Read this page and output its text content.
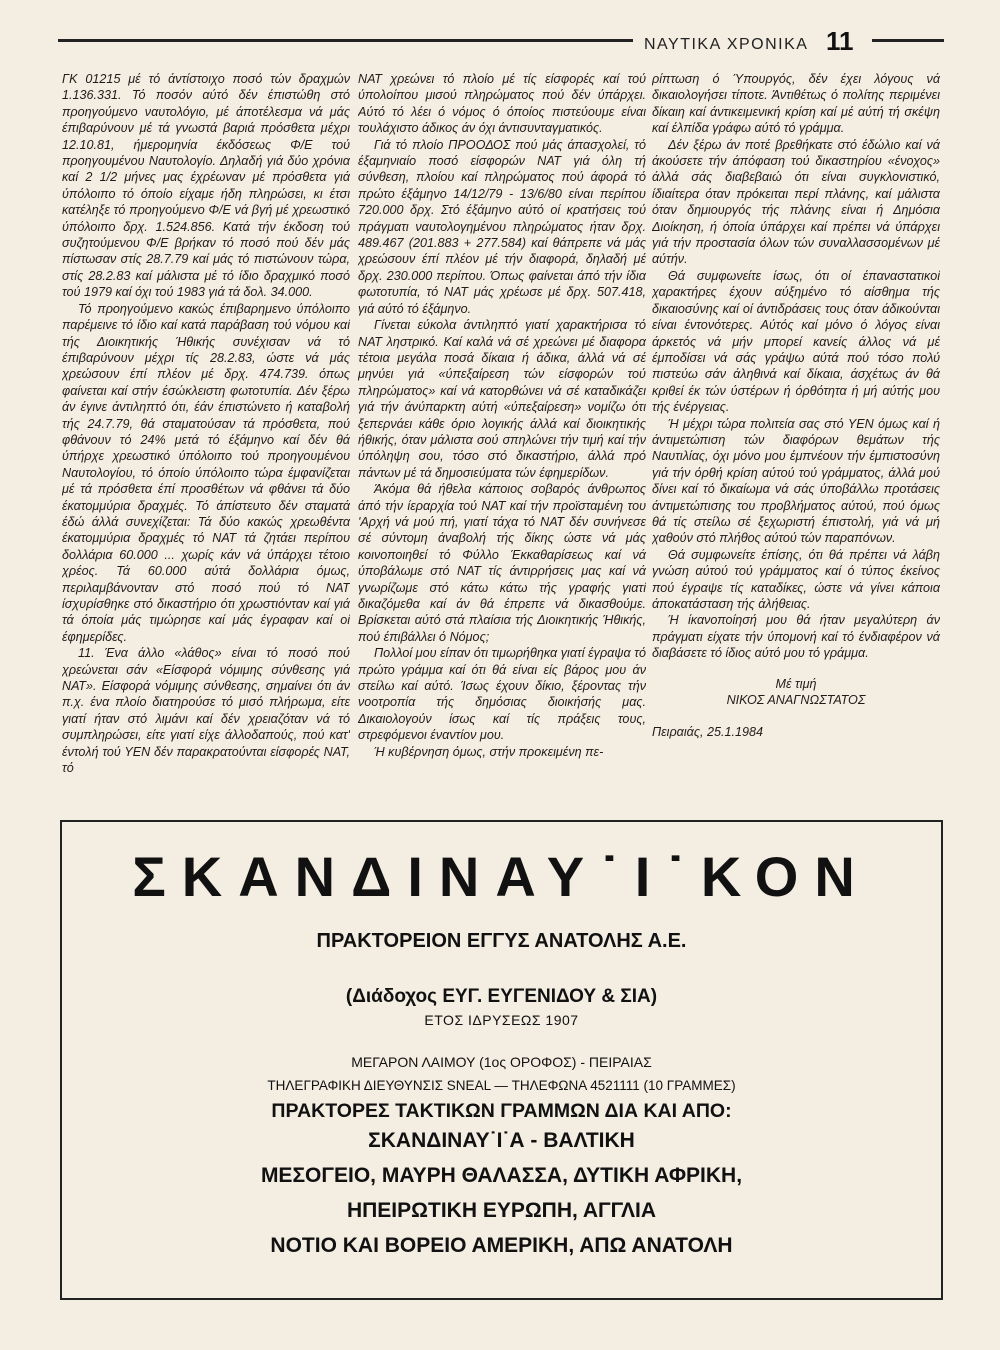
ΝΑΥΤΙΚΑ ΧΡΟΝΙΚΑ 11

ΓΚ 01215 μέ τό άντίστοιχο ποσό τών δραχμών 1.136.331. Τό ποσόν αύτό δέν έπιστώθη στό προηγούμενο ναυτολόγιο, μέ άποτέλεσμα νά μάς έπιβαρύνουν μέ τά γνωστά βαριά πρόσθετα μέχρι 12.10.81, ήμερομηνία έκδόσεως Φ/Ε τού προηγουμένου Ναυτολογίο. Δηλαδή γιά δύο χρόνια καί 2 1/2 μήνες μας έχρέωναν μέ πρόσθετα γιά ύπόλοιπο τό όποίο είχαμε ήδη πληρώσει, κι έτσι κατέληξε τό προηγούμενο Φ/Ε νά βγή μέ χρεωστικό ύπόλοιπο δρχ. 1.524.856. Κατά τήν έκδοση τού συζητούμενου Φ/Ε βρήκαν τό ποσό πού δέν μάς πίστωσαν στίς 28.7.79 καί μάς τό πιστώνουν τώρα, στίς 28.2.83 καί μάλιστα μέ τό ίδιο δραχμικό ποσό τού 1979 καί όχι τού 1983 γιά τά δολ. 34.000.

Τό προηγούμενο κακώς έπιβαρημενο ύπόλοιπο παρέμεινε τό ίδιο καί κατά παράβαση τού νόμου καί τής Διοικητικής Ήθικής συνέχισαν νά τό έπιβαρύνουν μέχρι τίς 28.2.83, ώστε νά μάς χρεώσουν έπί πλέον μέ δρχ. 474.739. όπως φαίνεται καί στήν έσώκλειστη φωτοτυπία. Δέν ξέρω άν έγινε άντιληπτό ότι, έάν έπιστώνετο ή καταβολή τής 24.7.79, θά σταματούσαν τά πρόσθετα, πού φθάνουν τό 24% μετά τό έξάμηνο καί δέν θά ύπήρχε χρεωστικό ύπόλοιπο τού προηγουμένου Ναυτολογίου, τό όποίο ύπόλοιπο τώρα έμφανίζεται μέ τά πρόσθετα έπί προσθέτων νά φθάνει τά δύο έκατομμύρια δραχμές. Τό άπίστευτο δέν σταματά έδώ άλλά συνεχίζεται: Τά δύο κακώς χρεωθέντα έκατομμύρια δραχμές τό ΝΑΤ τά ζητάει περίπου δολλάρια 60.000 ... χωρίς κάν νά ύπάρχει τέτοιο χρέος. Τά 60.000 αύτά δολλάρια όμως, περιλαμβάνονταν στό ποσό πού τό ΝΑΤ ίσχυρίσθηκε στό δικαστήριο ότι χρωστιόνταν καί γιά τά όποία μάς τιμώρησε καί μάς έγραφαν καί οί έφημερίδες.

11. Ένα άλλο «λάθος» είναι τό ποσό πού χρεώνεται σάν «Είσφορά νόμιμης σύνθεσης γιά ΝΑΤ». Είσφορά νόμιμης σύνθεσης, σημαίνει ότι άν π.χ. ένα πλοίο διατηρούσε τό μισό πλήρωμα, είτε γιατί ήταν στό λιμάνι καί δέν χρειαζόταν νά τό συμπληρώσει, είτε γιατί είχε άλλοδαπούς, πού κατ' έντολή τού ΥΕΝ δέν παρακρατούνται είσφορές ΝΑΤ, τό

ΝΑΤ χρεώνει τό πλοίο μέ τίς είσφορές καί τού ύπολοίπου μισού πληρώματος πού δέν ύπάρχει. Αύτό τό λέει ό νόμος ό όποίος πιστεύουμε είναι τουλάχιστο άδικος άν όχι άντισυνταγματικός.

Γιά τό πλοίο ΠΡΟΟΔΟΣ πού μάς άπασχολεί, τό έξαμηνιαίο ποσό είσφορών ΝΑΤ γιά όλη τή σύνθεση, πλοίου καί πληρώματος πού άφορά τό πρώτο έξάμηνο 14/12/79 - 13/6/80 είναι περίπου 720.000 δρχ. Στό έξάμηνο αύτό οί κρατήσεις τού πράγματι ναυτολογημένου πληρώματος ήταν δρχ. 489.467 (201.883 + 277.584) καί θάπρεπε νά μάς χρεώσουν έπί πλέον μέ τήν διαφορά, δηλαδή μέ δρχ. 230.000 περίπου. Όπως φαίνεται άπό τήν ίδια φωτοτυπία, τό ΝΑΤ μάς χρέωσε μέ δρχ. 507.418, γιά αύτό τό έξάμηνο.

Γίνεται εύκολα άντιληπτό γιατί χαρακτήρισα τό ΝΑΤ ληστρικό. Καί καλά νά σέ χρεώνει μέ διαφορα τέτοια μεγάλα ποσά δίκαια ή άδικα, άλλά νά σέ μηνύει γιά «ύπεξαίρεση τών είσφορών τού πληρώματος» καί νά κατορθώνει νά σέ καταδικάζει γιά τήν άνύπαρκτη αύτή «ύπεξαίρεση» νομίζω ότι ξεπερνάει κάθε όριο λογικής άλλά καί διοικητικής ήθικής, όταν μάλιστα σού σπηλώνει τήν τιμή καί τήν ύπόληψη σου, τόσο στό δικαστήριο, άλλά πρό πάντων μέ τά δημοσιεύματα τών έφημερίδων.

Άκόμα θά ήθελα κάποιος σοβαρός άνθρωπος άπό τήν ίεραρχία τού ΝΑΤ καί τήν προϊσταμένη του 'Αρχή νά μού πή, γιατί τάχα τό ΝΑΤ δέν συνήνεσε σέ σύντομη άναβολή τής δίκης ώστε νά μάς κοινοποιηθεί τό Φύλλο Έκκαθαρίσεως καί νά ύποβάλωμε στό ΝΑΤ τίς άντιρρήσεις μας καί νά γνωρίζωμε στό κάτω κάτω τής γραφής γιατί δικαζόμεθα καί άν θά έπρεπε νά δικασθούμε. Βρίσκεται αύτό στά πλαίσια τής Διοικητικής Ήθικής, πού έπιβάλλει ό Νόμος;

Πολλοί μου είπαν ότι τιμωρήθηκα γιατί έγραψα τό πρώτο γράμμα καί ότι θά είναι είς βάρος μου άν στείλω καί αύτό. Ίσως έχουν δίκιο, ξέροντας τήν νοοτροπία τής δημόσιας διοικήσής μας. Δικαιολογούν ίσως καί τίς πράξεις τους, στρεφόμενοι έναντίον μου.

Ή κυβέρνηση όμως, στήν προκειμένη πε-

ρίπτωση ό Ύπουργός, δέν έχει λόγους νά δικαιολογήσει τίποτε. Άντιθέτως ό πολίτης περιμένει δίκαιη καί άντικειμενική κρίση καί μέ αύτή τή σκέψη καί έλπίδα γράφω αύτό τό γράμμα.

Δέν ξέρω άν ποτέ βρεθήκατε στό έδώλιο καί νά άκούσετε τήν άπόφαση τού δικαστηρίου «ένοχος» άλλά σάς διαβεβαιώ ότι είναι συγκλονιστικό, ίδιαίτερα όταν πρόκειται περί πλάνης, καί μάλιστα όταν δημιουργός τής πλάνης είναι ή Δημόσια Διοίκηση, ή όποία ύπάρχει καί πρέπει νά ύπάρχει γιά τήν προστασία όλων τών συναλλασσομένων μέ αύτήν.

Θά συμφωνείτε ίσως, ότι οί έπαναστατικοί χαρακτήρες έχουν αύξημένο τό αίσθημα τής δικαιοσύνης καί οί άντιδράσεις τους όταν άδικούνται είναι έντονότερες. Αύτός καί μόνο ό λόγος είναι άρκετός νά μήν μπορεί κανείς άλλος νά μέ έμποδίσει νά σάς γράψω αύτά πού τόσο πολύ πιστεύω σάν άληθινά καί δίκαια, άσχέτως άν θά κριθεί έκ τών ύστέρων ή όρθότητα ή μή αύτής μου τής ένέργειας.

Ή μέχρι τώρα πολιτεία σας στό ΥΕΝ όμως καί ή άντιμετώπιση τών διαφόρων θεμάτων τής Ναυτιλίας, όχι μόνο μου έμπνέουν τήν έμπιστοσύνη γιά τήν όρθή κρίση αύτού τού γράμματος, άλλά μού δίνει καί τό δικαίωμα νά σάς ύποβάλλω προτάσεις άντιμετώπισης του προβλήματος αύτού, πού όμως θά τίς στείλω σέ ξεχωριστή έπιστολή, γιά νά μή χαθούν στό πλήθος αύτού τών παραπόνων.

Θά συμφωνείτε έπίσης, ότι θά πρέπει νά λάβη γνώση αύτού τού γράμματος καί ό τύπος έκείνος πού έγραψε τίς καταδίκες, ώστε νά γίνει κάποια άποκατάσταση τής άλήθειας.

Ή ίκανοποίησή μου θά ήταν μεγαλύτερη άν πράγματι είχατε τήν ύπομονή καί τό ένδιαφέρον νά διαβάσετε τό ίδιος αύτό μου τό γράμμα.

Μέ τιμή

ΝΙΚΟΣ ΑΝΑΓΝΩΣΤΑΤΟΣ

Πειραιάς, 25.1.1984

ΣΚΑΝΔΙΝΑΥ˙Ι˙ΚΟΝ
ΠΡΑΚΤΟΡΕΙΟΝ ΕΓΓΥΣ ΑΝΑΤΟΛΗΣ Α.Ε.
(Διάδοχος ΕΥΓ. ΕΥΓΕΝΙΔΟΥ & ΣΙΑ)
ΕΤΟΣ ΙΔΡΥΣΕΩΣ 1907
ΜΕΓΑΡΟΝ ΛΑΙΜΟΥ (1ος ΟΡΟΦΟΣ) - ΠΕΙΡΑΙΑΣ
ΤΗΛΕΓΡΑΦΙΚΗ ΔΙΕΥΘΥΝΣΙΣ SNEAL — ΤΗΛΕΦΩΝΑ 4521111 (10 ΓΡΑΜΜΕΣ)
ΠΡΑΚΤΟΡΕΣ ΤΑΚΤΙΚΩΝ ΓΡΑΜΜΩΝ ΔΙΑ ΚΑΙ ΑΠΟ:
ΣΚΑΝΔΙΝΑΥ˙Ι˙Α - ΒΑΛΤΙΚΗ
ΜΕΣΟΓΕΙΟ, ΜΑΥΡΗ ΘΑΛΑΣΣΑ, ΔΥΤΙΚΗ ΑΦΡΙΚΗ,
ΗΠΕΙΡΩΤΙΚΗ ΕΥΡΩΠΗ, ΑΓΓΛΙΑ
ΝΟΤΙΟ ΚΑΙ ΒΟΡΕΙΟ ΑΜΕΡΙΚΗ, ΑΠΩ ΑΝΑΤΟΛΗ
